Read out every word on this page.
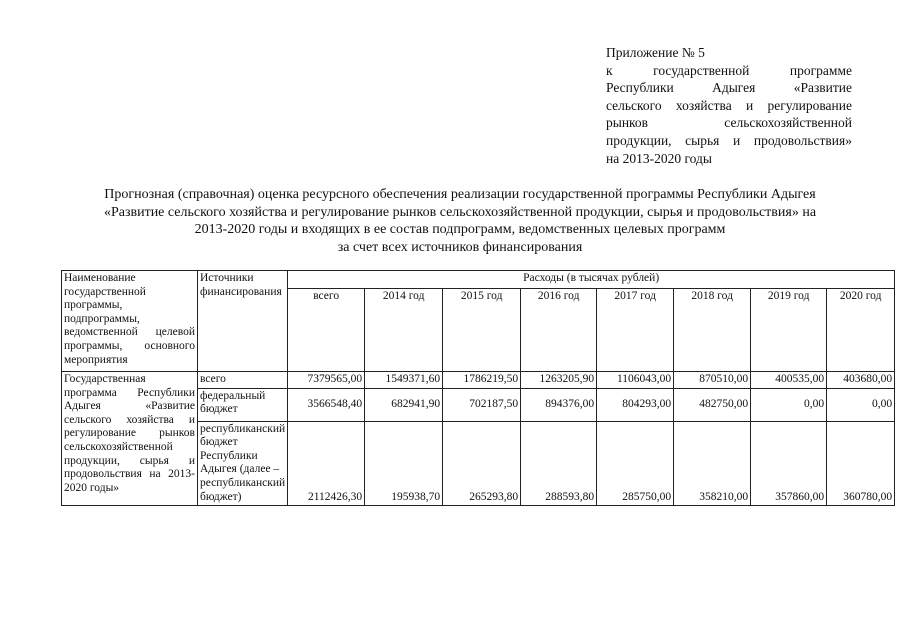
Приложение № 5
к государственной программе
Республики Адыгея «Развитие
сельского хозяйства и регулирование
рынков сельскохозяйственной
продукции, сырья и продовольствия»
на 2013-2020 годы
Прогнозная (справочная) оценка ресурсного обеспечения реализации государственной программы Республики Адыгея
«Развитие сельского хозяйства и регулирование рынков сельскохозяйственной продукции, сырья и продовольствия» на
2013-2020 годы и входящих в ее состав подпрограмм, ведомственных целевых программ
за счет всех источников финансирования
Наименование государственной программы, подпрограммы, ведомственной целевой программы, основного мероприятия	Источники финансирования	Расходы (в тысячах рублей)							
		всего	2014 год	2015 год	2016 год	2017 год	2018 год	2019 год	2020 год
Государственная программа Республики Адыгея «Развитие сельского хозяйства и регулирование рынков сельскохозяйственной продукции, сырья и продовольствия на 2013-2020 годы»	всего	7379565,00	1549371,60	1786219,50	1263205,90	1106043,00	870510,00	400535,00	403680,00
	федеральный бюджет	3566548,40	682941,90	702187,50	894376,00	804293,00	482750,00	0,00	0,00
	республиканский бюджет Республики Адыгея (далее – республиканский бюджет)	2112426,30	195938,70	265293,80	288593,80	285750,00	358210,00	357860,00	360780,00
